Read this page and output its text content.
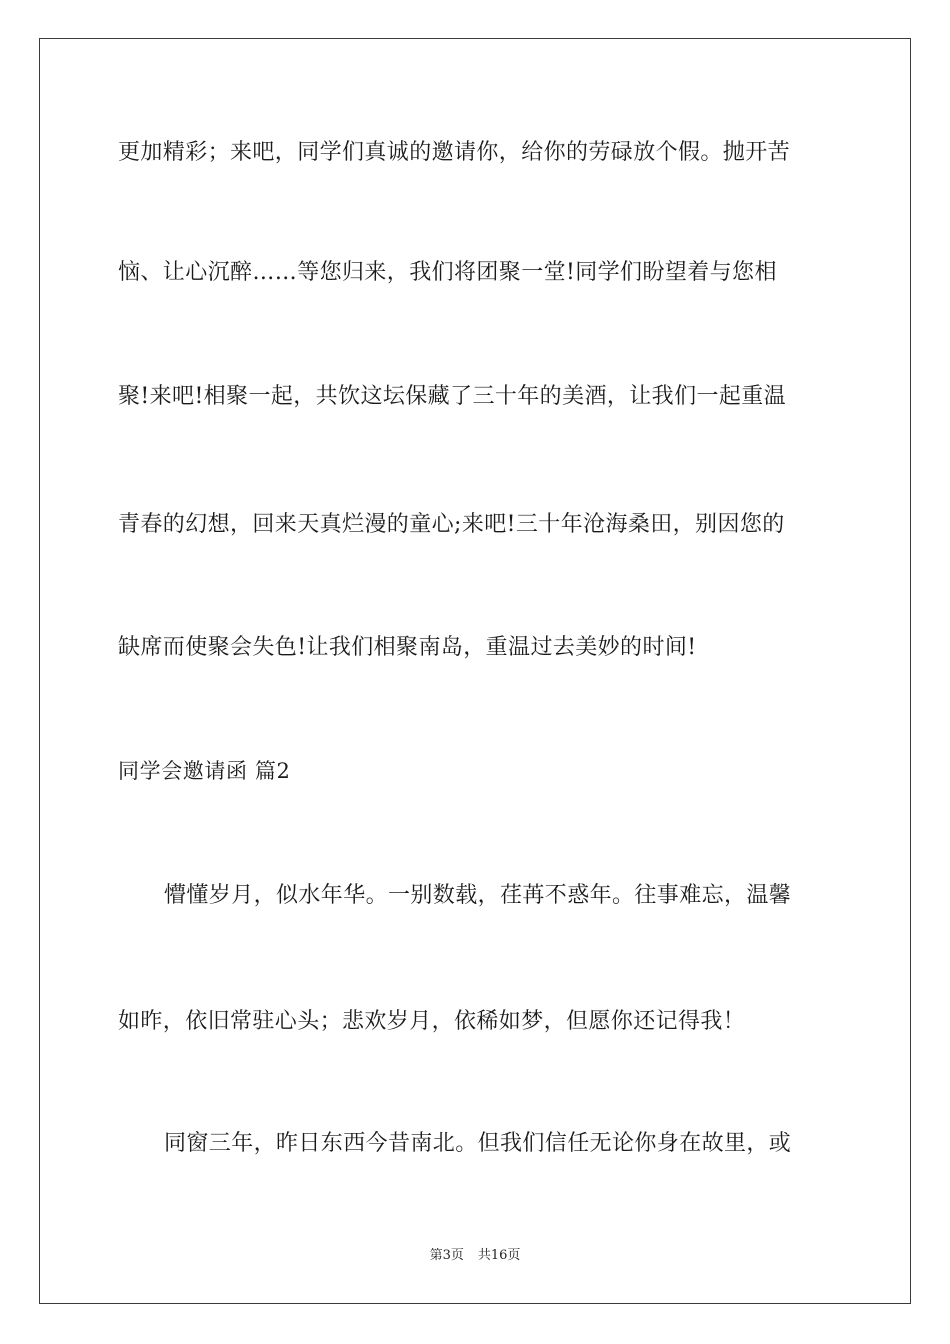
更加精彩；来吧，同学们真诚的邀请你，给你的劳碌放个假。抛开苦
恼、让心沉醉……等您归来，我们将团聚一堂!同学们盼望着与您相
聚!来吧!相聚一起，共饮这坛保藏了三十年的美酒，让我们一起重温
青春的幻想，回来天真烂漫的童心;来吧!三十年沧海桑田，别因您的
缺席而使聚会失色!让我们相聚南岛，重温过去美妙的时间!
同学会邀请函 篇2
懵懂岁月，似水年华。一别数载，荏苒不惑年。往事难忘，温馨
如昨，依旧常驻心头；悲欢岁月，依稀如梦，但愿你还记得我！
同窗三年，昨日东西今昔南北。但我们信任无论你身在故里，或
第3页 共16页
